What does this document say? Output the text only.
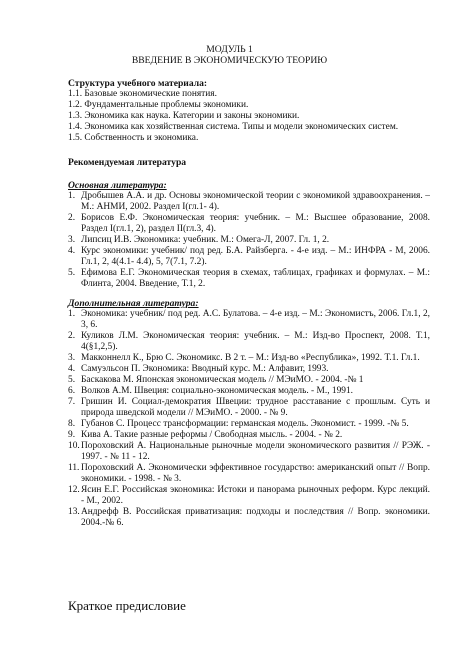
МОДУЛЬ 1
ВВЕДЕНИЕ В ЭКОНОМИЧЕСКУЮ ТЕОРИЮ
Структура учебного материала:
1.1. Базовые экономические понятия.
1.2. Фундаментальные проблемы экономики.
1.3. Экономика как наука. Категории и законы экономики.
1.4. Экономика как хозяйственная система. Типы и модели экономических систем.
1.5. Собственность и экономика.
Рекомендуемая литература
Основная литература:
1. Дробышев А.А. и др. Основы экономической теории с экономикой здравоохранения. – М.: АНМИ, 2002. Раздел I(гл.1- 4).
2. Борисов Е.Ф. Экономическая теория: учебник. – М.: Высшее образование, 2008. Раздел I(гл.1, 2), раздел II(гл.3, 4).
3. Липсиц И.В. Экономика: учебник. М.: Омега-Л, 2007. Гл. 1, 2.
4. Курс экономики: учебник/ под ред. Б.А. Райзберга. - 4-е изд. – М.: ИНФРА - М, 2006. Гл.1, 2, 4(4.1- 4.4), 5, 7(7.1, 7.2).
5. Ефимова Е.Г. Экономическая теория в схемах, таблицах, графиках и формулах. – М.: Флинта, 2004. Введение, Т.1, 2.
Дополнительная литература:
1. Экономика: учебник/ под ред. А.С. Булатова. – 4-е изд. – М.: Экономистъ, 2006. Гл.1, 2, 3, 6.
2. Куликов Л.М. Экономическая теория: учебник. – М.: Изд-во Проспект, 2008. Т.1, 4(§1,2,5).
3. Макконнелл К., Брю С. Экономикс. В 2 т. – М.: Изд-во «Республика», 1992. Т.1. Гл.1.
4. Самуэльсон П. Экономика: Вводный курс. М.: Алфавит, 1993.
5. Баскакова М. Японская экономическая модель // МЭиМО. - 2004. -№ 1
6. Волков А.М. Швеция: социально-экономическая модель. - М., 1991.
7. Гришин И. Социал-демократия Швеции: трудное расставание с прошлым. Суть и природа шведской модели // МЭиМО. - 2000. - № 9.
8. Губанов С. Процесс трансформации: германская модель. Экономист. - 1999. -№ 5.
9. Кива А. Такие разные реформы / Свободная мысль. - 2004. - № 2.
10. Пороховский А. Национальные рыночные модели экономического развития // РЭЖ. - 1997. - № 11 - 12.
11. Пороховский А. Экономически эффективное государство: американский опыт // Вопр. экономики. - 1998. - № 3.
12. Ясин Е.Г. Российская экономика: Истоки и панорама рыночных реформ. Курс лекций. - М., 2002.
13. Андрефф В. Российская приватизация: подходы и последствия // Вопр. экономики. 2004.-№ 6.
Краткое предисловие
